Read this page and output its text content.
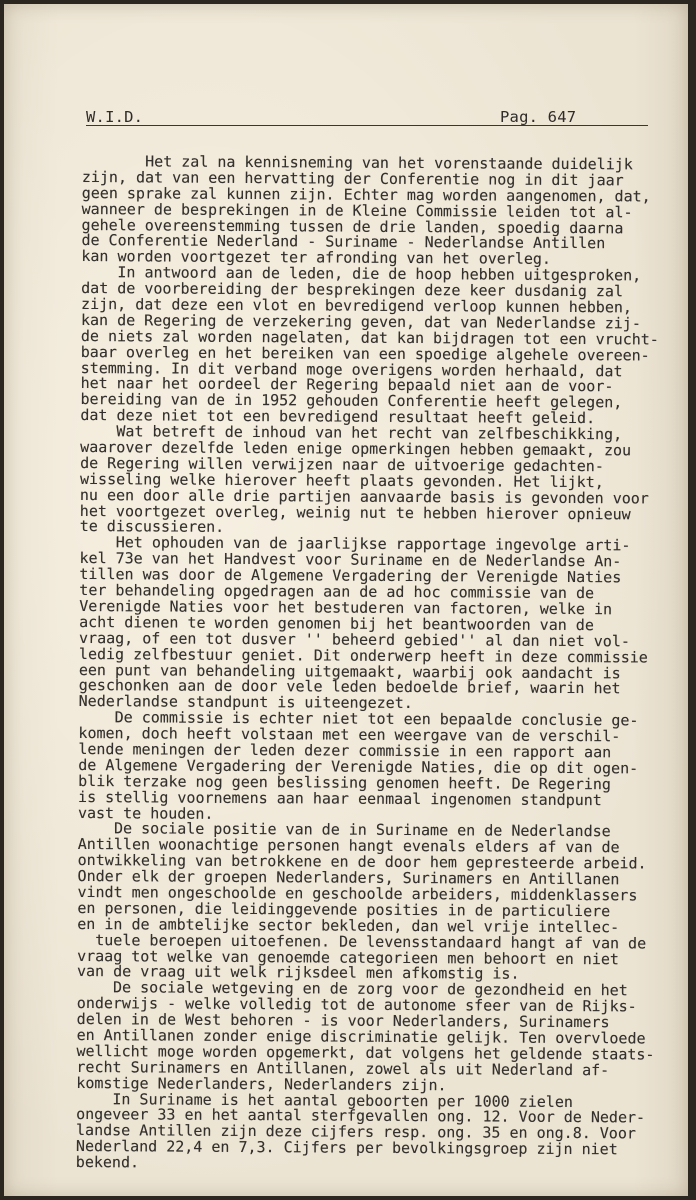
W.I.D.	Pag. 647
Het zal na kennisneming van het vorenstaande duidelijk
zijn, dat van een hervatting der Conferentie nog in dit jaar
geen sprake zal kunnen zijn. Echter mag worden aangenomen, dat,
wanneer de besprekingen in de Kleine Commissie leiden tot al-
gehele overeenstemming tussen de drie landen, spoedig daarna
de Conferentie Nederland - Suriname - Nederlandse Antillen
kan worden voortgezet ter afronding van het overleg.
In antwoord aan de leden, die de hoop hebben uitgesproken,
dat de voorbereiding der besprekingen deze keer dusdanig zal
zijn, dat deze een vlot en bevredigend verloop kunnen hebben,
kan de Regering de verzekering geven, dat van Nederlandse zij-
de niets zal worden nagelaten, dat kan bijdragen tot een vrucht-
baar overleg en het bereiken van een spoedige algehele overeen-
stemming. In dit verband moge overigens worden herhaald, dat
het naar het oordeel der Regering bepaald niet aan de voor-
bereiding van de in 1952 gehouden Conferentie heeft gelegen,
dat deze niet tot een bevredigend resultaat heeft geleid.
Wat betreft de inhoud van het recht van zelfbeschikking,
waarover dezelfde leden enige opmerkingen hebben gemaakt, zou
de Regering willen verwijzen naar de uitvoerige gedachten-
wisseling welke hierover heeft plaats gevonden. Het lijkt,
nu een door alle drie partijen aanvaarde basis is gevonden voor
het voortgezet overleg, weinig nut te hebben hierover opnieuw
te discussieren.
Het ophouden van de jaarlijkse rapportage ingevolge arti-
kel 73e van het Handvest voor Suriname en de Nederlandse An-
tillen was door de Algemene Vergadering der Verenigde Naties
ter behandeling opgedragen aan de ad hoc commissie van de
Verenigde Naties voor het bestuderen van factoren, welke in
acht dienen te worden genomen bij het beantwoorden van de
vraag, of een tot dusver '' beheerd gebied'' al dan niet vol-
ledig zelfbestuur geniet. Dit onderwerp heeft in deze commissie
een punt van behandeling uitgemaakt, waarbij ook aandacht is
geschonken aan de door vele leden bedoelde brief, waarin het
Nederlandse standpunt is uiteengezet.
De commissie is echter niet tot een bepaalde conclusie ge-
komen, doch heeft volstaan met een weergave van de verschil-
lende meningen der leden dezer commissie in een rapport aan
de Algemene Vergadering der Verenigde Naties, die op dit ogen-
blik terzake nog geen beslissing genomen heeft. De Regering
is stellig voornemens aan haar eenmaal ingenomen standpunt
vast te houden.
De sociale positie van de in Suriname en de Nederlandse
Antillen woonachtige personen hangt evenals elders af van de
ontwikkeling van betrokkene en de door hem gepresteerde arbeid.
Onder elk der groepen Nederlanders, Surinamers en Antillanen
vindt men ongeschoolde en geschoolde arbeiders, middenklassers
en personen, die leidinggevende posities in de particuliere
en in de ambtelijke sector bekleden, dan wel vrije intellec-
tuele beroepen uitoefenen. De levensstandaard hangt af van de
vraag tot welke van genoemde categorieen men behoort en niet
van de vraag uit welk rijksdeel men afkomstig is.
De sociale wetgeving en de zorg voor de gezondheid en het
onderwijs - welke volledig tot de autonome sfeer van de Rijks-
delen in de West behoren - is voor Nederlanders, Surinamers
en Antillanen zonder enige discriminatie gelijk. Ten overvloede
wellicht moge worden opgemerkt, dat volgens het geldende staats-
recht Surinamers en Antillanen, zowel als uit Nederland af-
komstige Nederlanders, Nederlanders zijn.
In Suriname is het aantal geboorten per 1000 zielen
ongeveer 33 en het aantal sterfgevallen ong. 12. Voor de Neder-
landse Antillen zijn deze cijfers resp. ong. 35 en ong.8. Voor
Nederland 22,4 en 7,3. Cijfers per bevolkingsgroep zijn niet
bekend.
